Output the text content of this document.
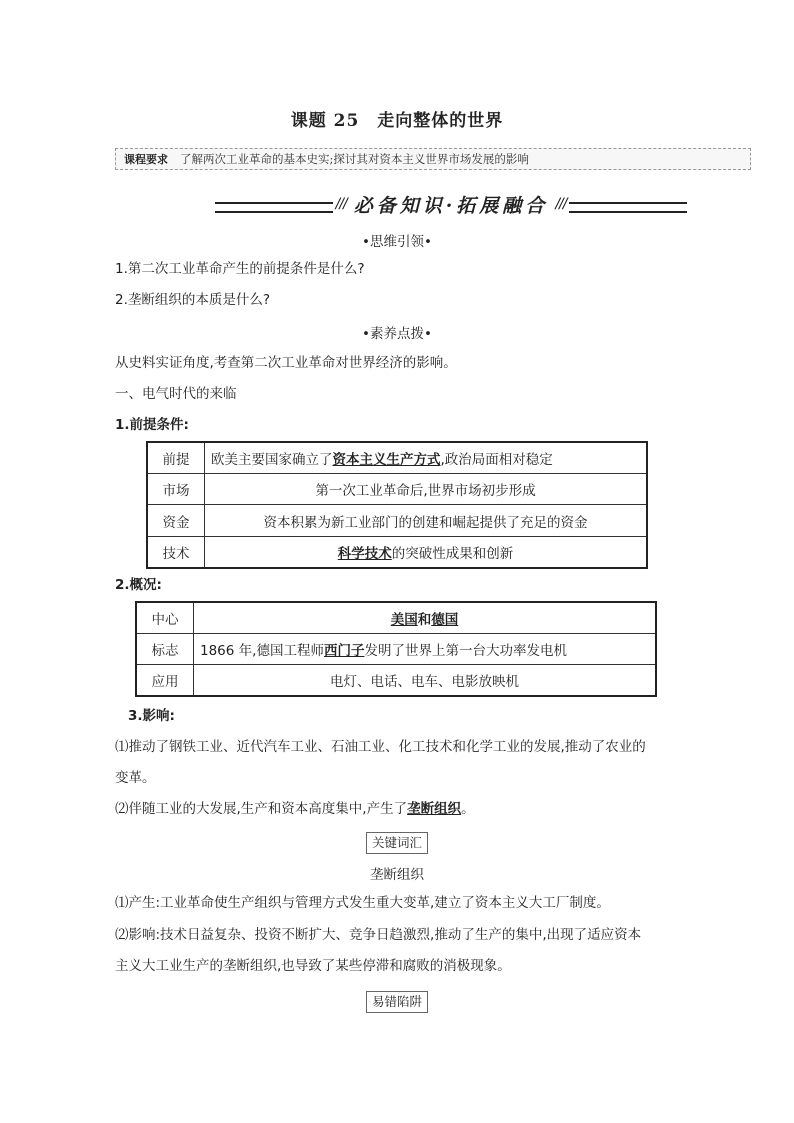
课题 25 走向整体的世界
课程要求 了解两次工业革命的基本史实;探讨其对资本主义世界市场发展的影响
/// 必备知识·拓展融合 ///
•思维引领•
1.第二次工业革命产生的前提条件是什么?
2.垄断组织的本质是什么?
•素养点拨•
从史料实证角度,考查第二次工业革命对世界经济的影响。
一、电气时代的来临
1.前提条件:
前提	欧美主要国家确立了资本主义生产方式,政治局面相对稳定
市场	第一次工业革命后,世界市场初步形成
资金	资本积累为新工业部门的创建和崛起提供了充足的资金
技术	科学技术的突破性成果和创新
2.概况:
中心	美国和德国
标志	1866 年,德国工程师西门子发明了世界上第一台大功率发电机
应用	电灯、电话、电车、电影放映机
3.影响:
⑴推动了钢铁工业、近代汽车工业、石油工业、化工技术和化学工业的发展,推动了农业的
变革。
⑵伴随工业的大发展,生产和资本高度集中,产生了垄断组织。
关键词汇
垄断组织
⑴产生:工业革命使生产组织与管理方式发生重大变革,建立了资本主义大工厂制度。
⑵影响:技术日益复杂、投资不断扩大、竞争日趋激烈,推动了生产的集中,出现了适应资本
主义大工业生产的垄断组织,也导致了某些停滞和腐败的消极现象。
易错陷阱
